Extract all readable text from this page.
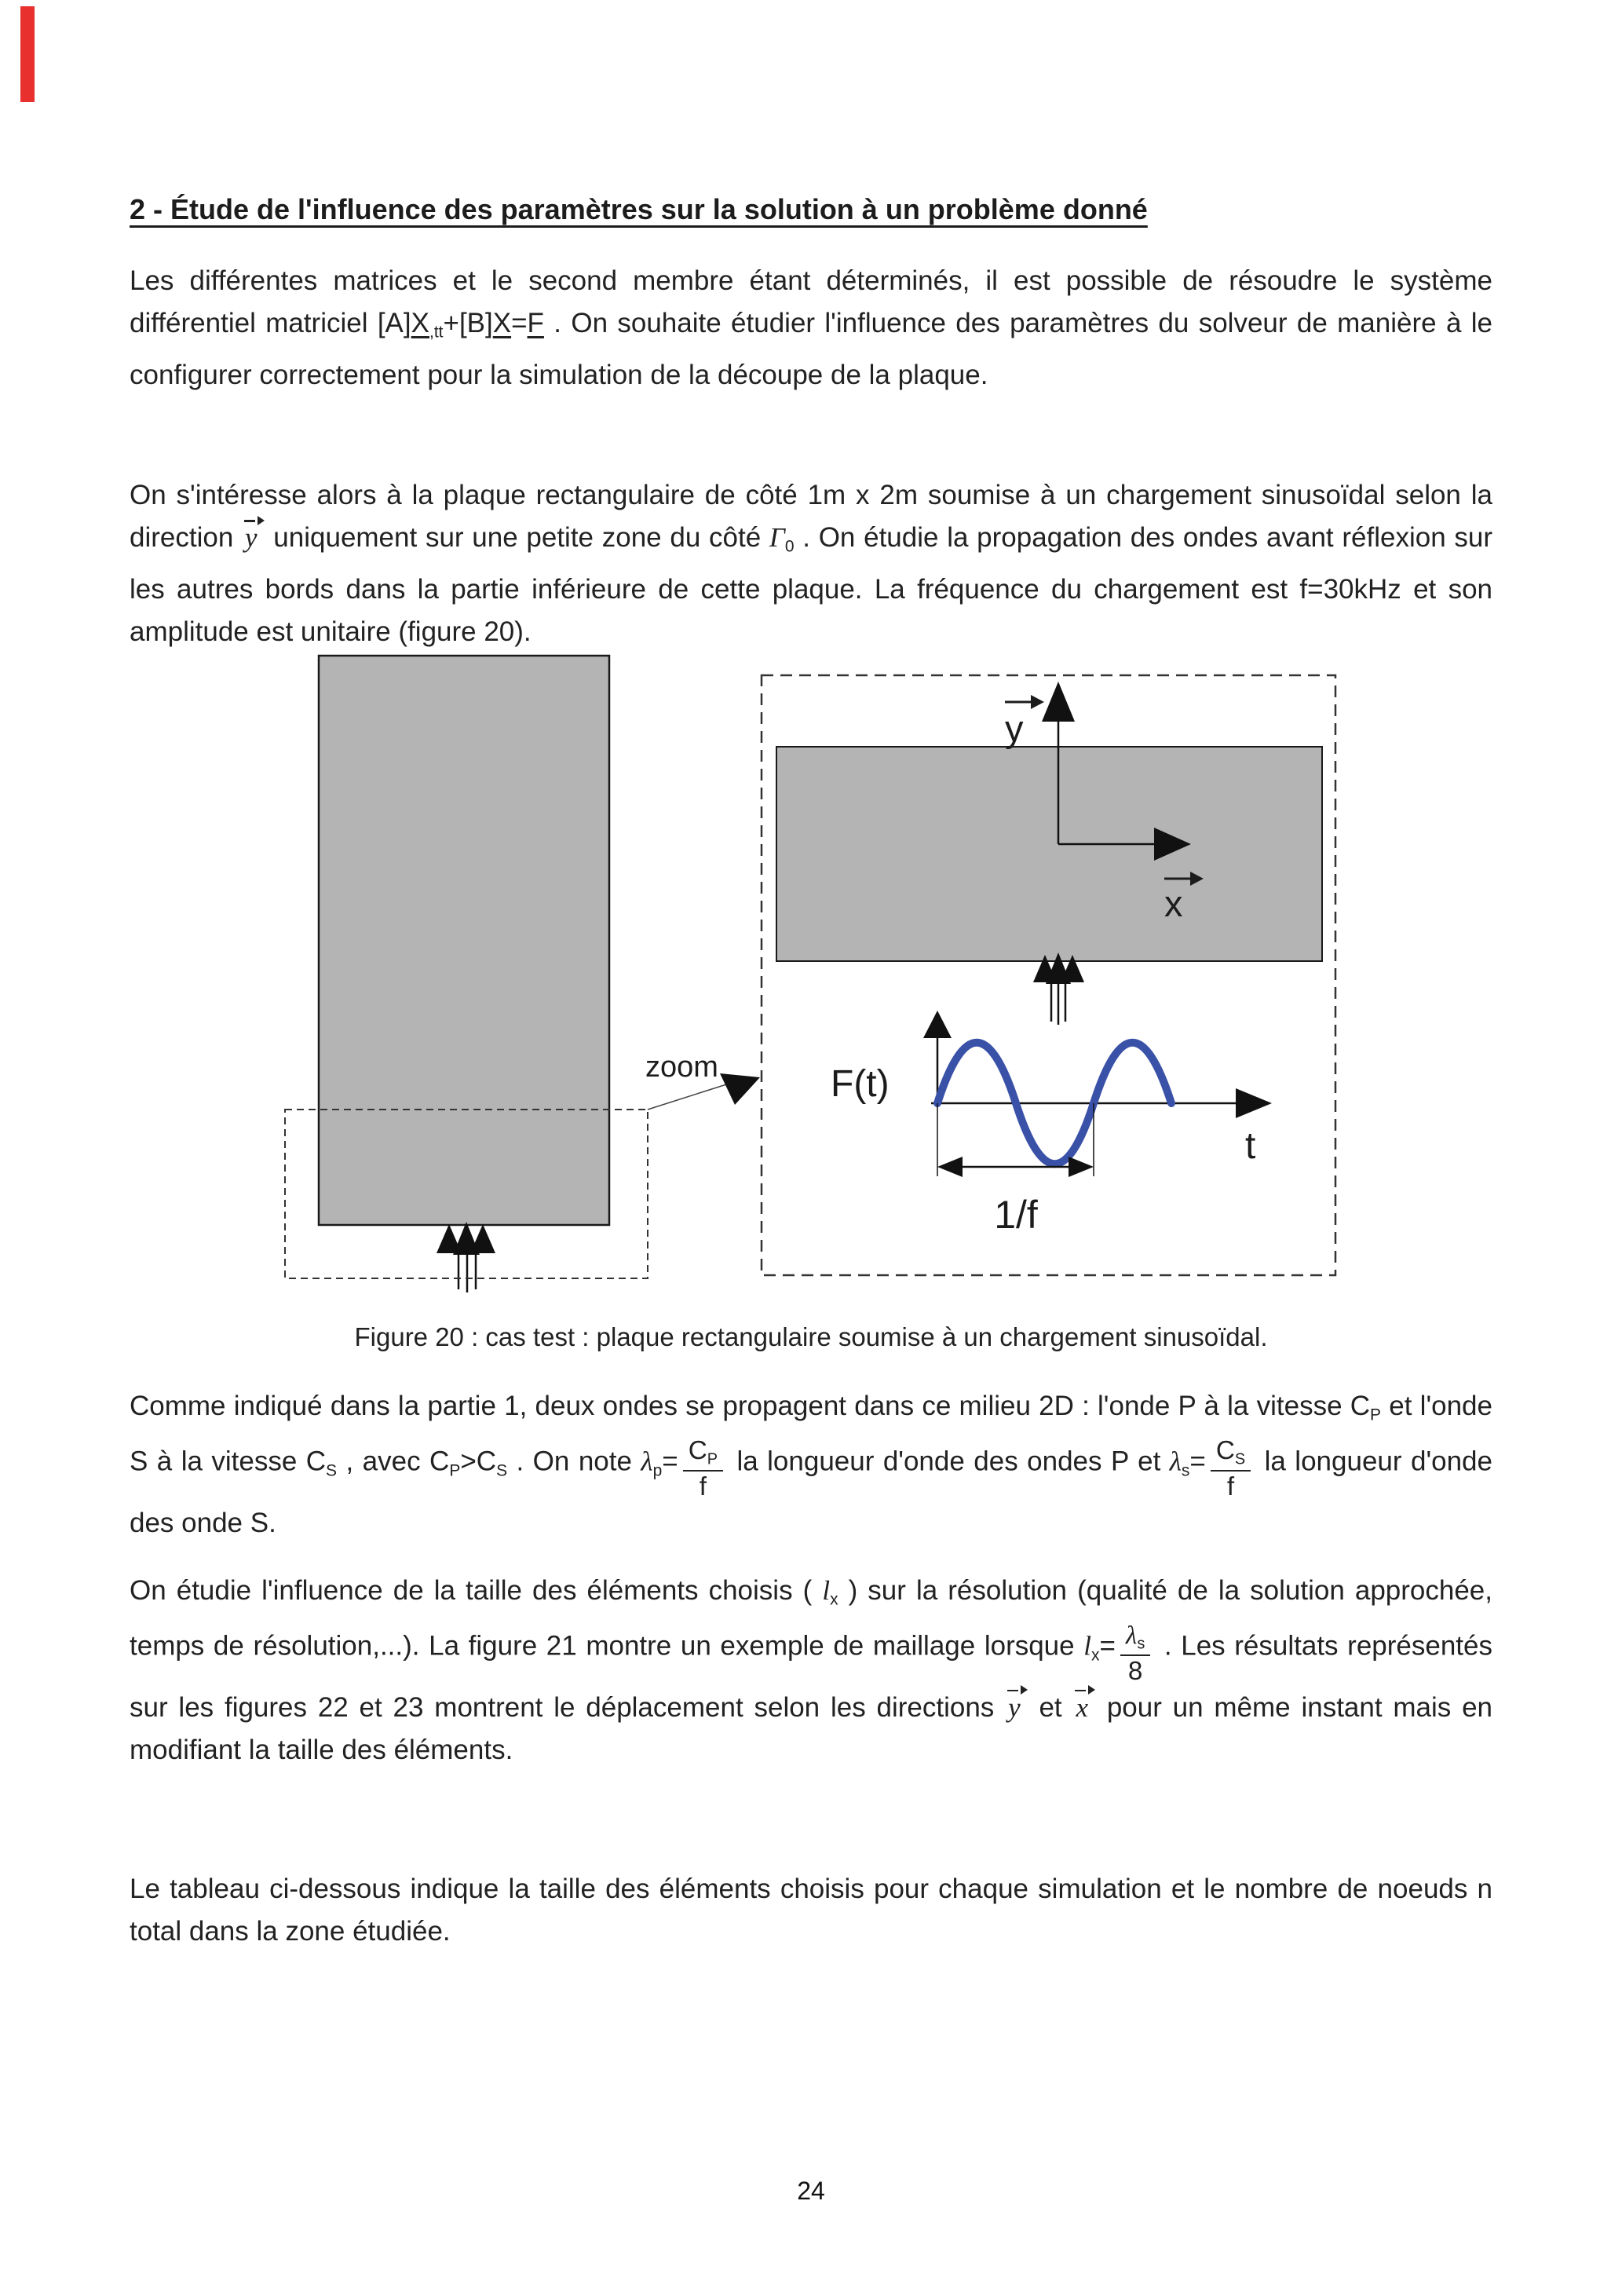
2 - Étude de l'influence des paramètres sur la solution à un problème donné

Les différentes matrices et le second membre étant déterminés, il est possible de résoudre le système différentiel matriciel $[A]X_{,tt}+[B]X=F$ . On souhaite étudier l'influence des paramètres du solveur de manière à le configurer correctement pour la simulation de la découpe de la plaque.

On s'intéresse alors à la plaque rectangulaire de côté 1m x 2m soumise à un chargement sinusoïdal selon la direction y uniquement sur une petite zone du côté $\Gamma_0$ . On étudie la propagation des ondes avant réflexion sur les autres bords dans la partie inférieure de cette plaque. La fréquence du chargement est f=30kHz et son amplitude est unitaire (figure 20).

zoom
y
x
F(t)
t
1/f

Figure 20 : cas test : plaque rectangulaire soumise à un chargement sinusoïdal.

Comme indiqué dans la partie 1, deux ondes se propagent dans ce milieu 2D : l'onde P à la vitesse $C_P$ et l'onde S à la vitesse $C_S$ , avec $C_P>C_S$ . On note $\lambda_p= \frac{C_P}{f}$ la longueur d'onde des ondes P et $\lambda_s= \frac{C_S}{f}$ la longueur d'onde des onde S.

On étudie l'influence de la taille des éléments choisis ( $l_x$ ) sur la résolution (qualité de la solution approchée, temps de résolution,...). La figure 21 montre un exemple de maillage lorsque $l_x= \frac{\lambda_s}{8}$ . Les résultats représentés sur les figures 22 et 23 montrent le déplacement selon les directions y et x pour un même instant mais en modifiant la taille des éléments.

Le tableau ci-dessous indique la taille des éléments choisis pour chaque simulation et le nombre de noeuds n total dans la zone étudiée.

24
